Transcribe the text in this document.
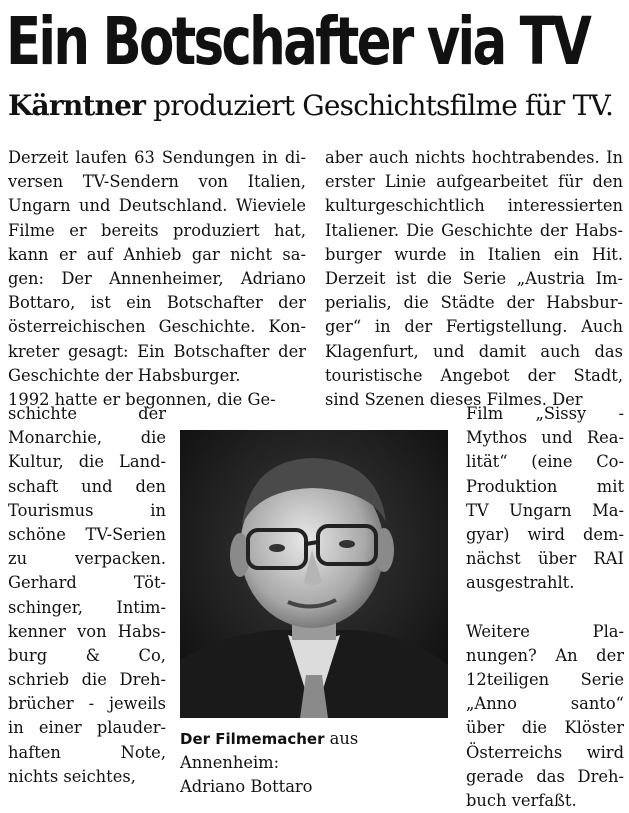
Ein Botschafter via TV
Kärntner produziert Geschichtsfilme für TV.
Derzeit laufen 63 Sendungen in di-
versen TV-Sendern von Italien,
Ungarn und Deutschland. Wieviele
Filme er bereits produziert hat,
kann er auf Anhieb gar nicht sa-
gen: Der Annenheimer, Adriano
Bottaro, ist ein Botschafter der
österreichischen Geschichte. Kon-
kreter gesagt: Ein Botschafter der
Geschichte der Habsburger.
1992 hatte er begonnen, die Ge-
schichte der
Monarchie, die
Kultur, die Land-
schaft und den
Tourismus in
schöne TV-Serien
zu verpacken.
Gerhard Töt-
schinger, Intim-
kenner von Habs-
burg & Co,
schrieb die Dreh-
brücher - jeweils
in einer plauder-
haften Note,
nichts seichtes,
aber auch nichts hochtrabendes. In
erster Linie aufgearbeitet für den
kulturgeschichtlich interessierten
Italiener. Die Geschichte der Habs-
burger wurde in Italien ein Hit.
Derzeit ist die Serie „Austria Im-
perialis, die Städte der Habsbur-
ger“ in der Fertigstellung. Auch
Klagenfurt, und damit auch das
touristische Angebot der Stadt,
sind Szenen dieses Filmes. Der
Film „Sissy -
Mythos und Rea-
lität“ (eine Co-
Produktion mit
TV Ungarn Ma-
gyar) wird dem-
nächst über RAI
ausgestrahlt.
Weitere Pla-
nungen? An der
12teiligen Serie
„Anno santo“
über die Klöster
Österreichs wird
gerade das Dreh-
buch verfaßt.
Der Filmemacher aus Annenheim:
Adriano Bottaro
